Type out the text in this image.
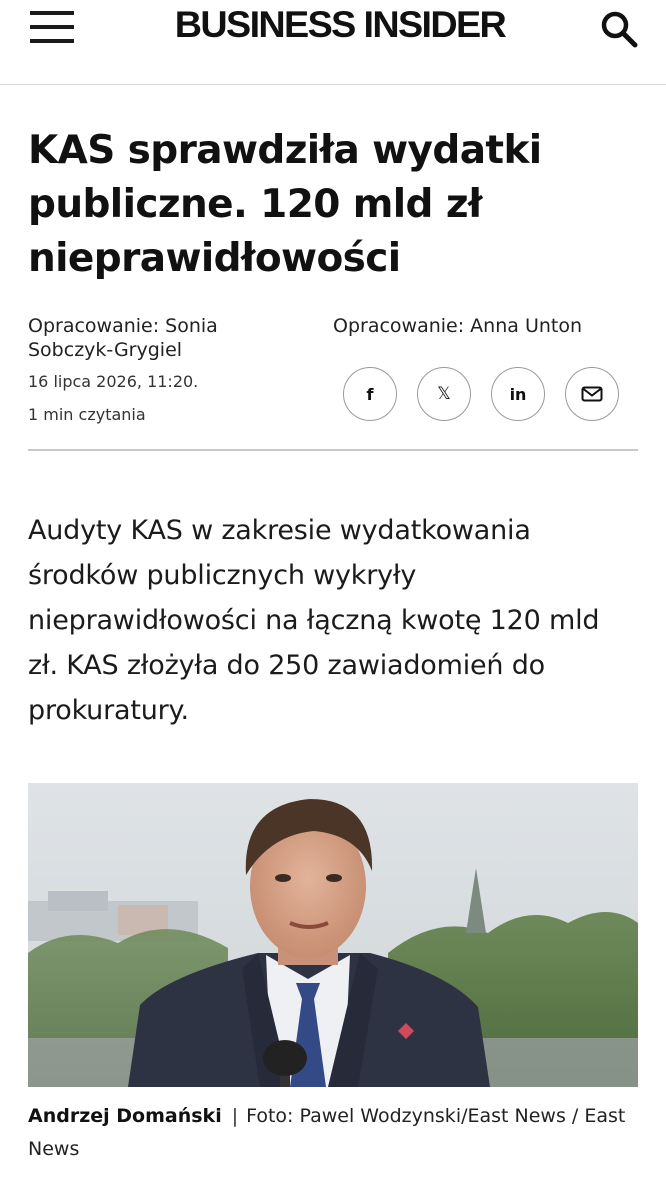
BUSINESS INSIDER
KAS sprawdziła wydatki publiczne. 120 mld zł nieprawidłowości
Opracowanie: Sonia Sobczyk-Grygiel
Opracowanie: Anna Unton
16 lipca 2026, 11:20.
1 min czytania
f	𝕏	in

Audyty KAS w zakresie wydatkowania środków publicznych wykryły nieprawidłowości na łączną kwotę 120 mld zł. KAS złożyła do 250 zawiadomień do prokuratury.

Andrzej Domański | Foto: Pawel Wodzynski/East News / East News
